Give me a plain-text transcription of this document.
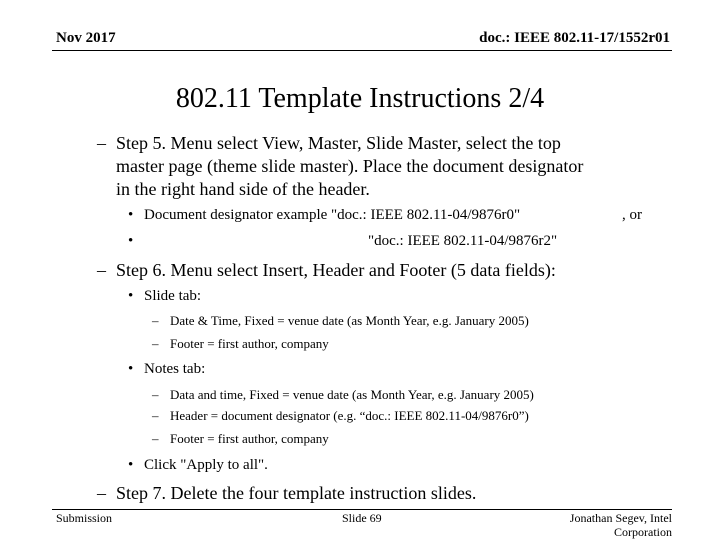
Nov 2017	doc.: IEEE 802.11-17/1552r01
802.11 Template Instructions 2/4
– Step 5. Menu select View, Master, Slide Master, select the top
master page (theme slide master). Place the document designator
in the right hand side of the header.
• Document designator example "doc.: IEEE 802.11-04/9876r0"	, or
•	"doc.: IEEE 802.11-04/9876r2"
– Step 6. Menu select Insert, Header and Footer (5 data fields):
• Slide tab:
– Date & Time, Fixed = venue date (as Month Year, e.g. January 2005)
– Footer = first author, company
• Notes tab:
– Data and time, Fixed = venue date (as Month Year, e.g. January 2005)
– Header = document designator (e.g. “doc.: IEEE 802.11-04/9876r0”)
– Footer = first author, company
• Click "Apply to all".
– Step 7. Delete the four template instruction slides.
Submission	Slide 69	Jonathan Segev, Intel
Corporation
